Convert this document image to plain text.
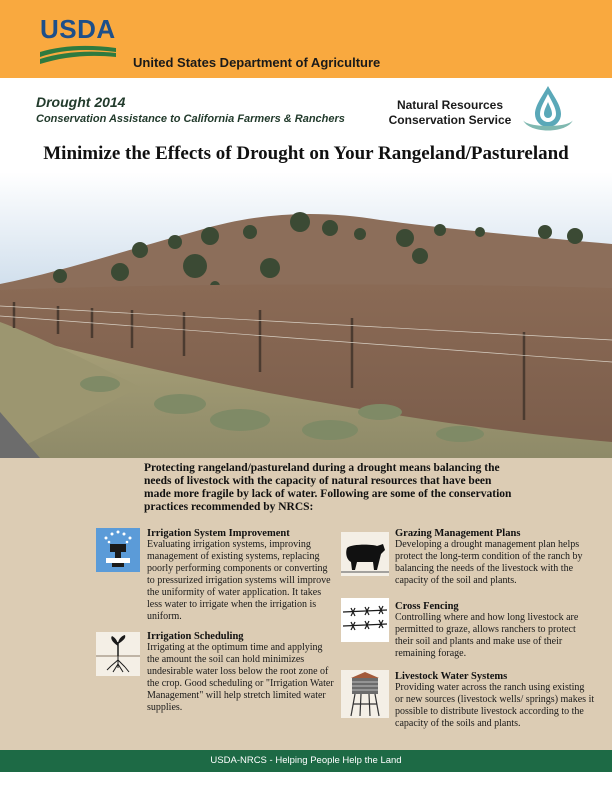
USDA
United States Department of Agriculture
Drought 2014
Conservation Assistance to California Farmers & Ranchers
Natural Resources
Conservation Service
Minimize the Effects of Drought on Your Rangeland/Pastureland
Protecting rangeland/pastureland during a drought means balancing the needs of livestock with the capacity of natural resources that have been made more fragile by lack of water. Following are some of the conservation practices recommended by NRCS:
Irrigation System Improvement
Evaluating irrigation systems, improving management of existing systems, replacing poorly performing components or converting to pressurized irrigation systems will improve the uniformity of water application. It takes less water to irrigate when the irrigation is uniform.
Irrigation Scheduling
Irrigating at the optimum time and applying the amount the soil can hold minimizes undesirable water loss below the root zone of the crop. Good scheduling or "Irrigation Water Management" will help stretch limited water supplies.
Grazing Management Plans
Developing a drought management plan helps protect the long-term condition of the ranch by balancing the needs of the livestock with the capacity of the soil and plants.
Cross Fencing
Controlling where and how long livestock are permitted to graze, allows ranchers to protect their soil and plants and make use of their remaining forage.
Livestock Water Systems
Providing water across the ranch using existing or new sources (livestock wells/ springs) makes it possible to distribute livestock according to the capacity of the soils and plants.
USDA-NRCS - Helping People Help the Land
